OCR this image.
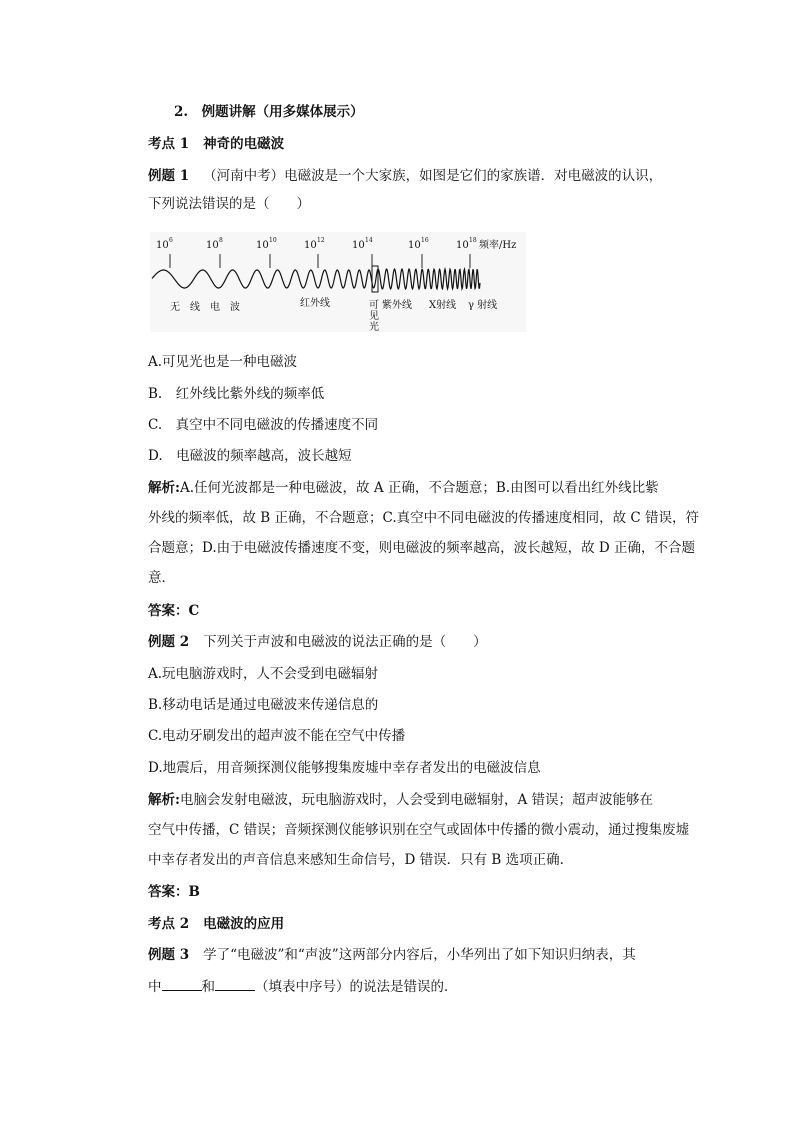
2.　例题讲解（用多媒体展示）
考点 1 神奇的电磁波
例题 1 （河南中考）电磁波是一个大家族，如图是它们的家族谱．对电磁波的认识，
下列说法错误的是（　　）
10 6	10 8	10 10	10 12	10 14	10 16	10 18 频率/Hz
无　线　电　波	红外线	可
见
光
紫外线 X射线 γ 射线
A.可见光也是一种电磁波
B.　红外线比紫外线的频率低
C.　真空中不同电磁波的传播速度不同
D.　电磁波的频率越高，波长越短
解析:A.任何光波都是一种电磁波，故 A 正确，不合题意；B.由图可以看出红外线比紫
外线的频率低，故 B 正确，不合题意；C.真空中不同电磁波的传播速度相同，故 C 错误，符
合题意；D.由于电磁波传播速度不变，则电磁波的频率越高，波长越短，故 D 正确，不合题
意．
答案：C
例题 2 下列关于声波和电磁波的说法正确的是（　　）
A.玩电脑游戏时，人不会受到电磁辐射
B.移动电话是通过电磁波来传递信息的
C.电动牙刷发出的超声波不能在空气中传播
D.地震后，用音频探测仪能够搜集废墟中幸存者发出的电磁波信息
解析:电脑会发射电磁波，玩电脑游戏时，人会受到电磁辐射，A 错误；超声波能够在
空气中传播，C 错误；音频探测仪能够识别在空气或固体中传播的微小震动，通过搜集废墟
中幸存者发出的声音信息来感知生命信号，D 错误．只有 B 选项正确.
答案：B
考点 2 电磁波的应用
例题 3 学了“电磁波”和“声波”这两部分内容后，小华列出了如下知识归纳表，其
中	和	（填表中序号）的说法是错误的．
